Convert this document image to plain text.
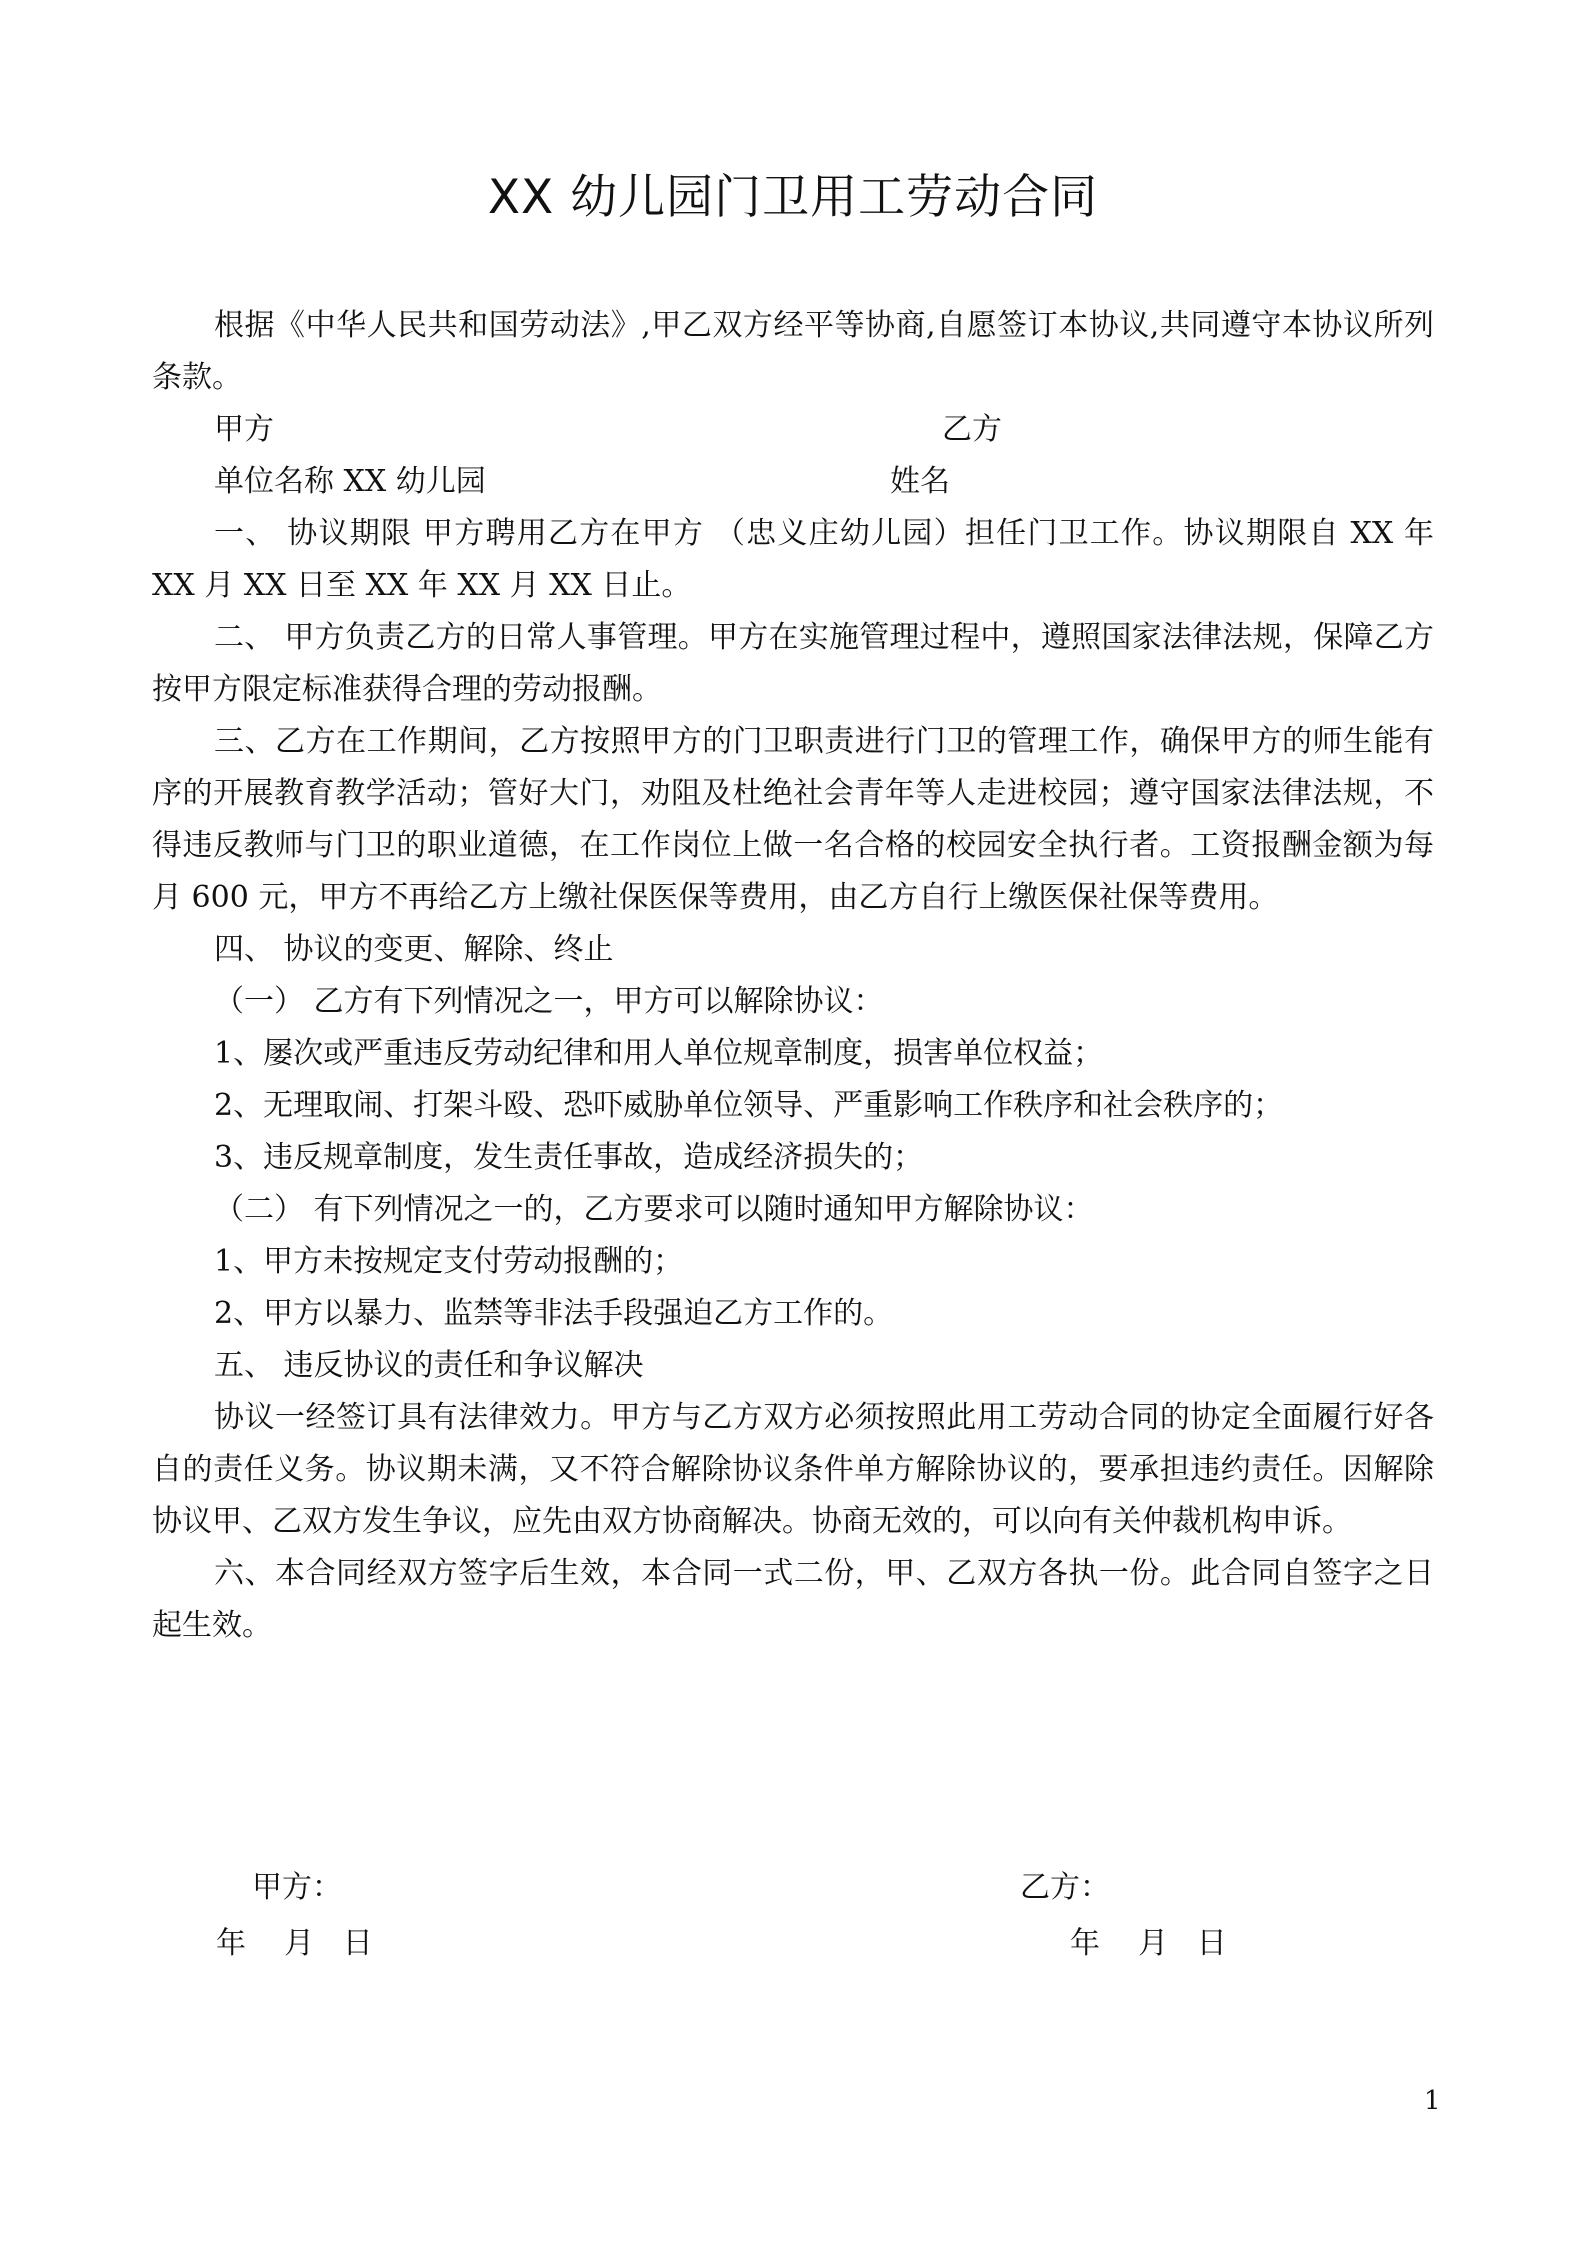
XX 幼儿园门卫用工劳动合同

根据《中华人民共和国劳动法》,甲乙双方经平等协商,自愿签订本协议,共同遵守本协议所列条款。

甲方	乙方
单位名称 XX 幼儿园	姓名

一、 协议期限 甲方聘用乙方在甲方 （忠义庄幼儿园）担任门卫工作。协议期限自 XX 年 XX 月 XX 日至 XX 年 XX 月 XX 日止。

二、 甲方负责乙方的日常人事管理。甲方在实施管理过程中，遵照国家法律法规，保障乙方按甲方限定标准获得合理的劳动报酬。

三、乙方在工作期间，乙方按照甲方的门卫职责进行门卫的管理工作，确保甲方的师生能有序的开展教育教学活动；管好大门，劝阻及杜绝社会青年等人走进校园；遵守国家法律法规，不得违反教师与门卫的职业道德，在工作岗位上做一名合格的校园安全执行者。工资报酬金额为每月 600 元，甲方不再给乙方上缴社保医保等费用，由乙方自行上缴医保社保等费用。

四、 协议的变更、解除、终止

（一） 乙方有下列情况之一，甲方可以解除协议：

1、屡次或严重违反劳动纪律和用人单位规章制度，损害单位权益；

2、无理取闹、打架斗殴、恐吓威胁单位领导、严重影响工作秩序和社会秩序的；

3、违反规章制度，发生责任事故，造成经济损失的；

（二） 有下列情况之一的，乙方要求可以随时通知甲方解除协议：

1、甲方未按规定支付劳动报酬的；

2、甲方以暴力、监禁等非法手段强迫乙方工作的。

五、 违反协议的责任和争议解决

协议一经签订具有法律效力。甲方与乙方双方必须按照此用工劳动合同的协定全面履行好各自的责任义务。协议期未满，又不符合解除协议条件单方解除协议的，要承担违约责任。因解除协议甲、乙双方发生争议，应先由双方协商解决。协商无效的，可以向有关仲裁机构申诉。

六、本合同经双方签字后生效，本合同一式二份，甲、乙双方各执一份。此合同自签字之日起生效。

甲方：	乙方：
年    月   日	年    月   日
1
